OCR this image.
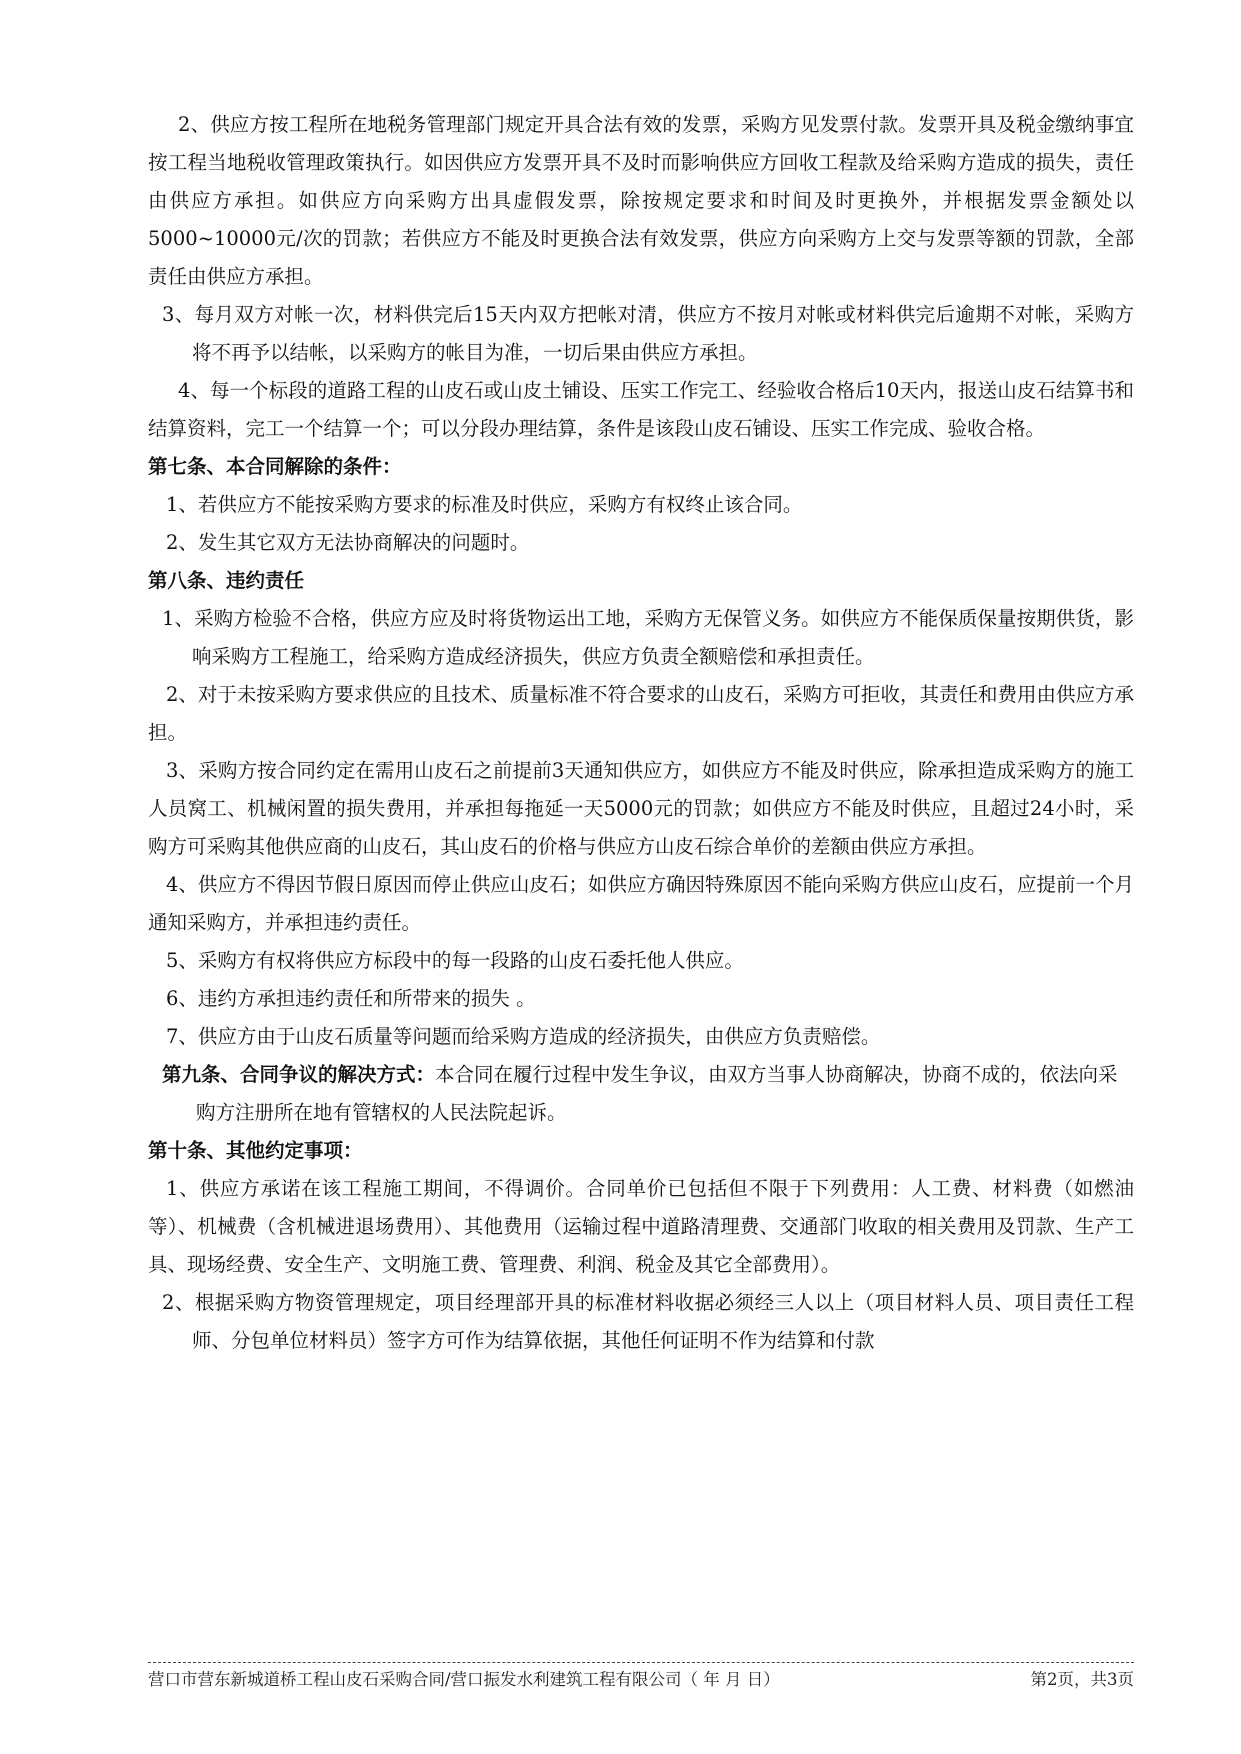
2、供应方按工程所在地税务管理部门规定开具合法有效的发票，采购方见发票付款。发票开具及税金缴纳事宜按工程当地税收管理政策执行。如因供应方发票开具不及时而影响供应方回收工程款及给采购方造成的损失，责任由供应方承担。如供应方向采购方出具虚假发票，除按规定要求和时间及时更换外，并根据发票金额处以5000~10000元/次的罚款；若供应方不能及时更换合法有效发票，供应方向采购方上交与发票等额的罚款，全部责任由供应方承担。

3、每月双方对帐一次，材料供完后15天内双方把帐对清，供应方不按月对帐或材料供完后逾期不对帐，采购方将不再予以结帐，以采购方的帐目为准，一切后果由供应方承担。

4、每一个标段的道路工程的山皮石或山皮土铺设、压实工作完工、经验收合格后10天内，报送山皮石结算书和结算资料，完工一个结算一个；可以分段办理结算，条件是该段山皮石铺设、压实工作完成、验收合格。

第七条、本合同解除的条件：

1、若供应方不能按采购方要求的标准及时供应，采购方有权终止该合同。

2、发生其它双方无法协商解决的问题时。

第八条、违约责任

1、采购方检验不合格，供应方应及时将货物运出工地，采购方无保管义务。如供应方不能保质保量按期供货，影响采购方工程施工，给采购方造成经济损失，供应方负责全额赔偿和承担责任。

2、对于未按采购方要求供应的且技术、质量标准不符合要求的山皮石，采购方可拒收，其责任和费用由供应方承担。

3、采购方按合同约定在需用山皮石之前提前3天通知供应方，如供应方不能及时供应，除承担造成采购方的施工人员窝工、机械闲置的损失费用，并承担每拖延一天5000元的罚款；如供应方不能及时供应，且超过24小时，采购方可采购其他供应商的山皮石，其山皮石的价格与供应方山皮石综合单价的差额由供应方承担。

4、供应方不得因节假日原因而停止供应山皮石；如供应方确因特殊原因不能向采购方供应山皮石，应提前一个月通知采购方，并承担违约责任。

5、采购方有权将供应方标段中的每一段路的山皮石委托他人供应。

6、违约方承担违约责任和所带来的损失 。

7、供应方由于山皮石质量等问题而给采购方造成的经济损失，由供应方负责赔偿。

第九条、合同争议的解决方式：本合同在履行过程中发生争议，由双方当事人协商解决，协商不成的，依法向采购方注册所在地有管辖权的人民法院起诉。

第十条、其他约定事项：

1、供应方承诺在该工程施工期间，不得调价。合同单价已包括但不限于下列费用：人工费、材料费（如燃油等）、机械费（含机械进退场费用）、其他费用（运输过程中道路清理费、交通部门收取的相关费用及罚款、生产工具、现场经费、安全生产、文明施工费、管理费、利润、税金及其它全部费用）。

2、根据采购方物资管理规定，项目经理部开具的标准材料收据必须经三人以上（项目材料人员、项目责任工程师、分包单位材料员）签字方可作为结算依据，其他任何证明不作为结算和付款

营口市营东新城道桥工程山皮石采购合同/营口振发水利建筑工程有限公司（ 年 月 日）	第2页，共3页
